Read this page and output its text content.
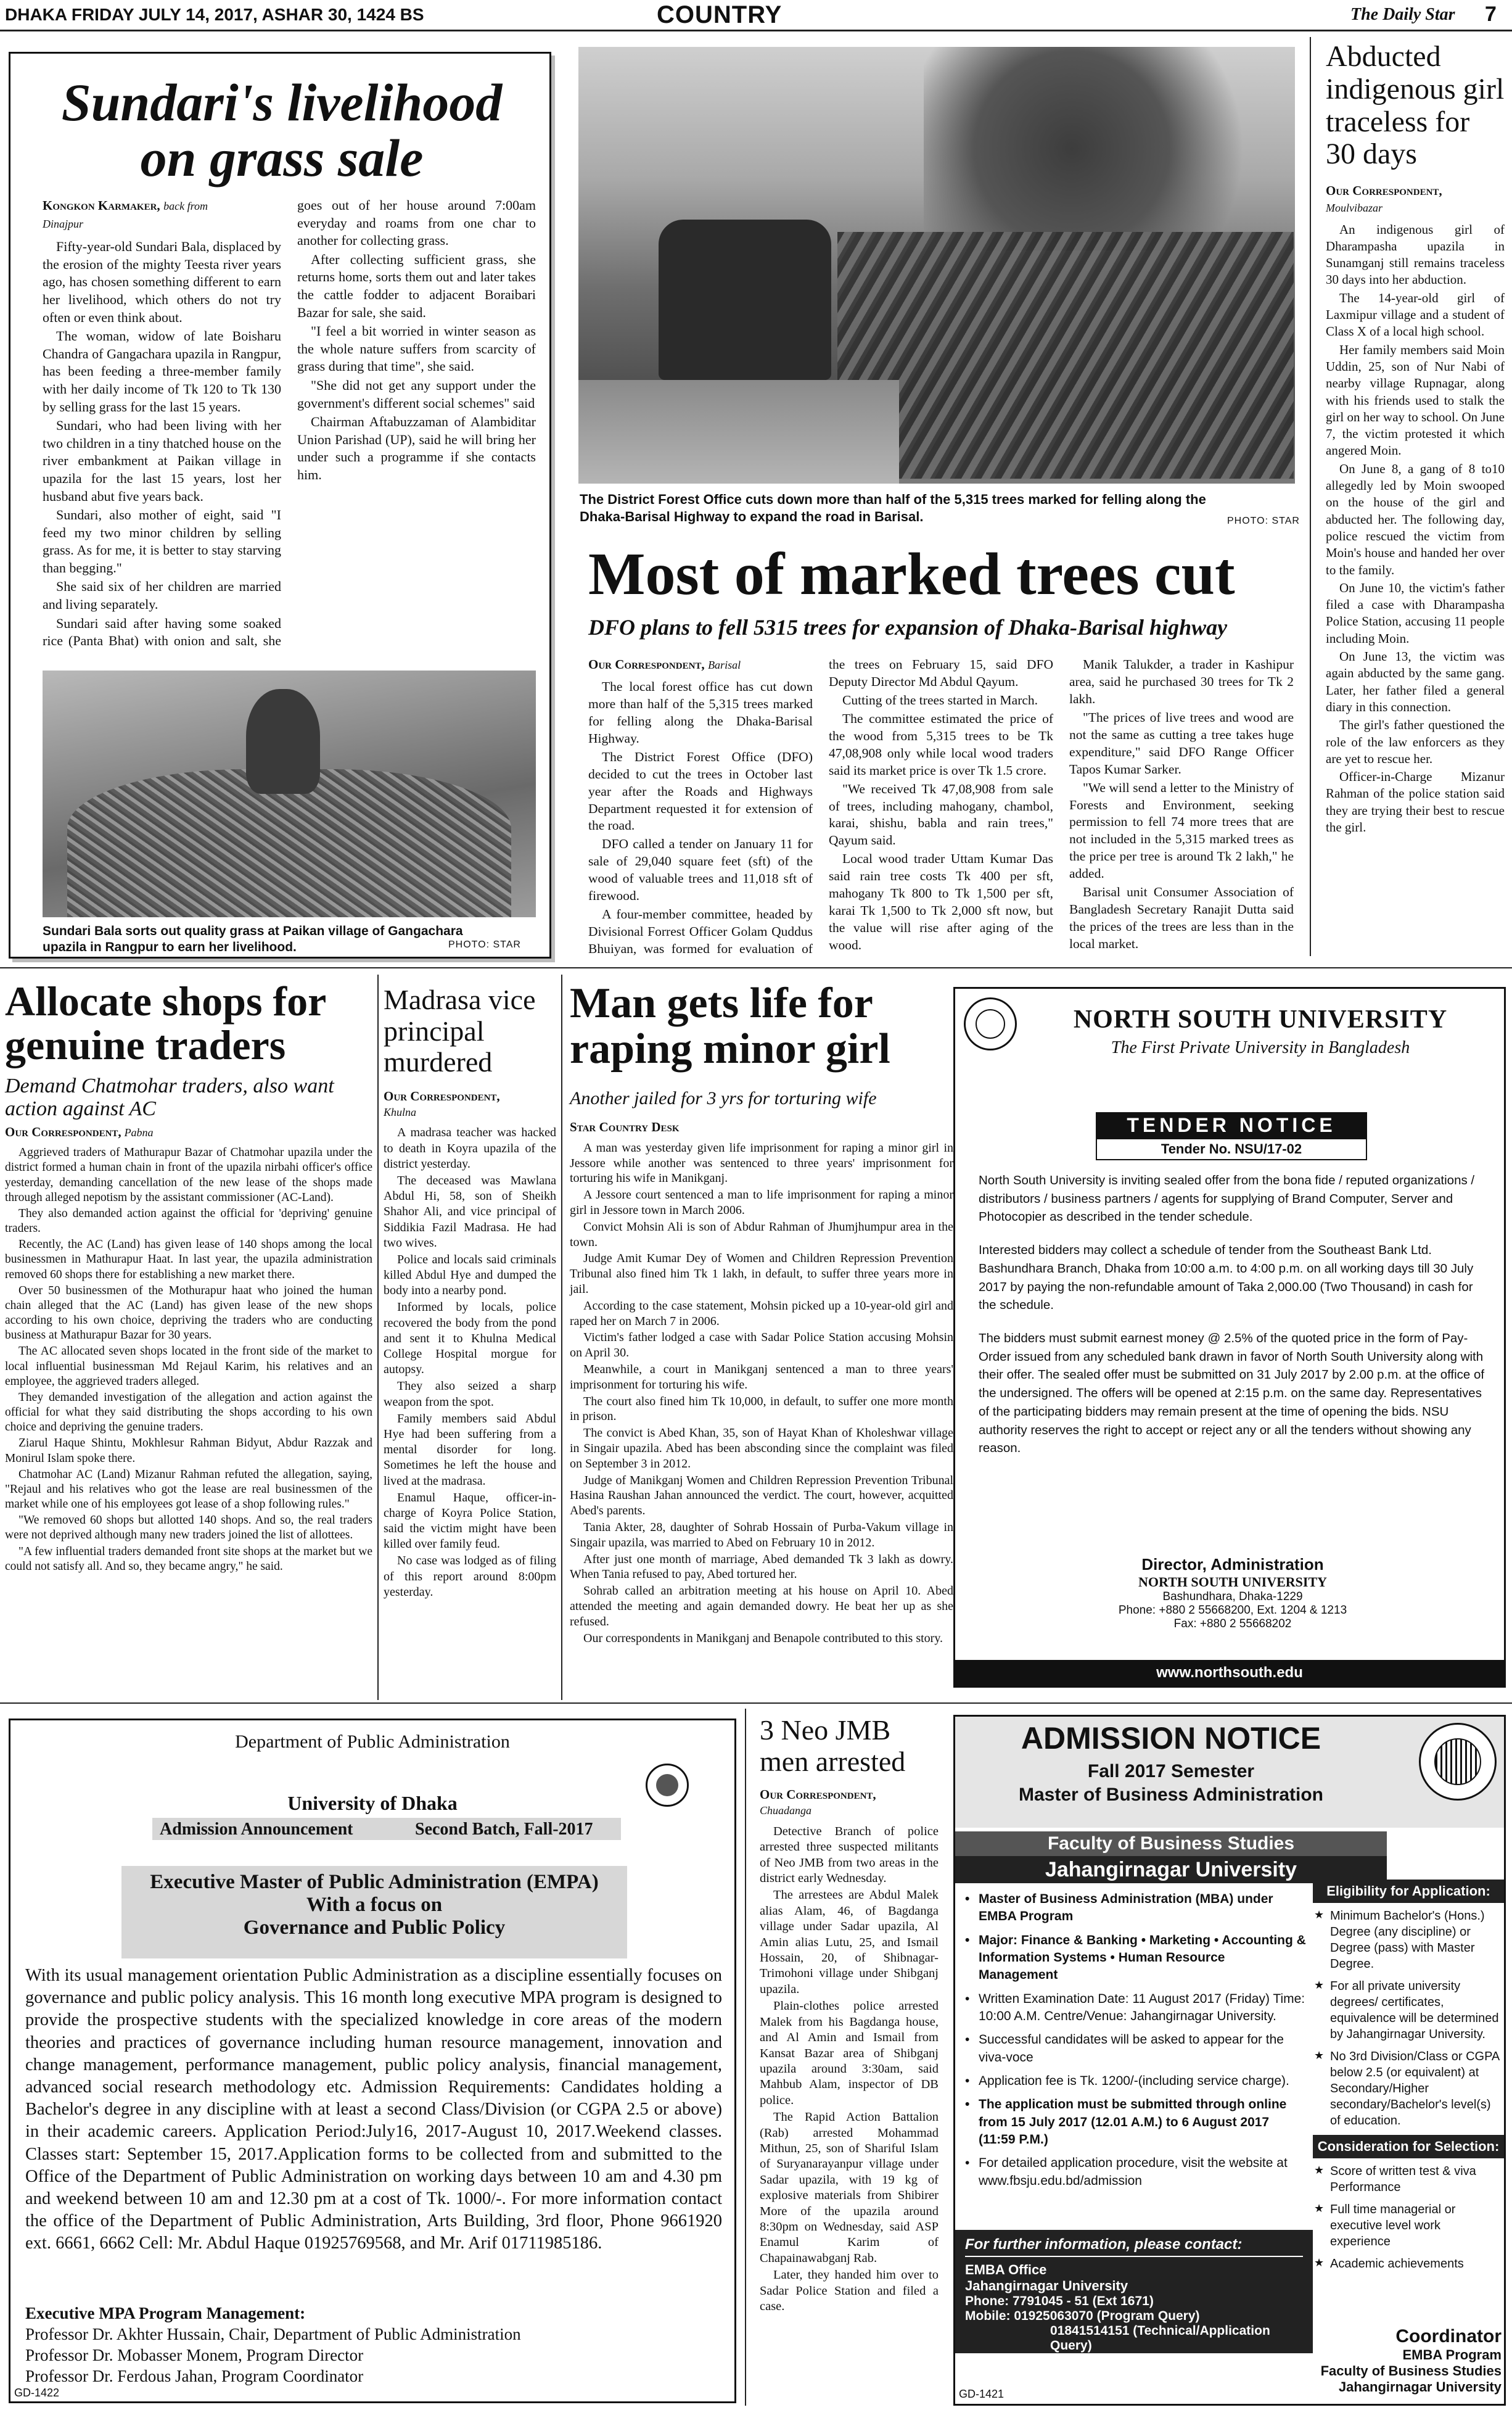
DHAKA FRIDAY JULY 14, 2017, ASHAR 30, 1424 BS	COUNTRY	The Daily Star 7
Sundari's livelihood on grass sale
Kongkon Karmaker, back from
Dinajpur

Fifty-year-old Sundari Bala, displaced by the erosion of the mighty Teesta river years ago, has chosen something different to earn her livelihood, which others do not try often or even think about.

The woman, widow of late Boisharu Chandra of Gangachara upazila in Rangpur, has been feeding a three-member family with her daily income of Tk 120 to Tk 130 by selling grass for the last 15 years.

Sundari, who had been living with her two children in a tiny thatched house on the river embankment at Paikan village in upazila for the last 15 years, lost her husband abut five years back.

Sundari, also mother of eight, said "I feed my two minor children by selling grass. As for me, it is better to stay starving than begging."

She said six of her children are married and living separately.

Sundari said after having some soaked rice (Panta Bhat) with onion and salt, she goes out of her house around 7:00am everyday and roams from one char to another for collecting grass.

After collecting sufficient grass, she returns home, sorts them out and later takes the cattle fodder to adjacent Boraibari Bazar for sale, she said.

"I feel a bit worried in winter season as the whole nature suffers from scarcity of grass during that time", she said.

"She did not get any support under the government's different social schemes" said

Chairman Aftabuzzaman of Alambiditar Union Parishad (UP), said he will bring her under such a programme if she contacts him.

Sundari Bala sorts out quality grass at Paikan village of Gangachara upazila in Rangpur to earn her livelihood.	PHOTO: STAR
The District Forest Office cuts down more than half of the 5,315 trees marked for felling along the Dhaka-Barisal Highway to expand the road in Barisal.	PHOTO: STAR
Most of marked trees cut
DFO plans to fell 5315 trees for expansion of Dhaka-Barisal highway
Our Correspondent, Barisal

The local forest office has cut down more than half of the 5,315 trees marked for felling along the Dhaka-Barisal Highway.

The District Forest Office (DFO) decided to cut the trees in October last year after the Roads and Highways Department requested it for extension of the road.

DFO called a tender on January 11 for sale of 29,040 square feet (sft) of the wood of valuable trees and 11,018 sft of firewood.

A four-member committee, headed by Divisional Forrest Officer Golam Quddus Bhuiyan, was formed for evaluation of the trees on February 15, said DFO Deputy Director Md Abdul Qayum.

Cutting of the trees started in March.

The committee estimated the price of the wood from 5,315 trees to be Tk 47,08,908 only while local wood traders said its market price is over Tk 1.5 crore.

"We received Tk 47,08,908 from sale of trees, including mahogany, chambol, karai, shishu, babla and rain trees," Qayum said.

Local wood trader Uttam Kumar Das said rain tree costs Tk 400 per sft, mahogany Tk 800 to Tk 1,500 per sft, karai Tk 1,500 to Tk 2,000 sft now, but the value will rise after aging of the wood.

Manik Talukder, a trader in Kashipur area, said he purchased 30 trees for Tk 2 lakh.

"The prices of live trees and wood are not the same as cutting a tree takes huge expenditure," said DFO Range Officer Tapos Kumar Sarker.

"We will send a letter to the Ministry of Forests and Environment, seeking permission to fell 74 more trees that are not included in the 5,315 marked trees as the price per tree is around Tk 2 lakh," he added.

Barisal unit Consumer Association of Bangladesh Secretary Ranajit Dutta said the prices of the trees are less than in the local market.

Abducted indigenous girl traceless for 30 days
Our Correspondent,
Moulvibazar

An indigenous girl of Dharampasha upazila in Sunamganj still remains traceless 30 days into her abduction.

The 14-year-old girl of Laxmipur village and a student of Class X of a local high school.

Her family members said Moin Uddin, 25, son of Nur Nabi of nearby village Rupnagar, along with his friends used to stalk the girl on her way to school. On June 7, the victim protested it which angered Moin.

On June 8, a gang of 8 to10 allegedly led by Moin swooped on the house of the girl and abducted her. The following day, police rescued the victim from Moin's house and handed her over to the family.

On June 10, the victim's father filed a case with Dharampasha Police Station, accusing 11 people including Moin.

On June 13, the victim was again abducted by the same gang. Later, her father filed a general diary in this connection.

The girl's father questioned the role of the law enforcers as they are yet to rescue her.

Officer-in-Charge Mizanur Rahman of the police station said they are trying their best to rescue the girl.

Allocate shops for genuine traders
Demand Chatmohar traders, also want action against AC
Our Correspondent, Pabna

Aggrieved traders of Mathurapur Bazar of Chatmohar upazila under the district formed a human chain in front of the upazila nirbahi officer's office yesterday, demanding cancellation of the new lease of the shops made through alleged nepotism by the assistant commissioner (AC-Land).

They also demanded action against the official for 'depriving' genuine traders.

Recently, the AC (Land) has given lease of 140 shops among the local businessmen in Mathurapur Haat. In last year, the upazila administration removed 60 shops there for establishing a new market there.

Over 50 businessmen of the Mothurapur haat who joined the human chain alleged that the AC (Land) has given lease of the new shops according to his own choice, depriving the traders who are conducting business at Mathurapur Bazar for 30 years.

The AC allocated seven shops located in the front side of the market to local influential businessman Md Rejaul Karim, his relatives and an employee, the aggrieved traders alleged.

They demanded investigation of the allegation and action against the official for what they said distributing the shops according to his own choice and depriving the genuine traders.

Ziarul Haque Shintu, Mokhlesur Rahman Bidyut, Abdur Razzak and Monirul Islam spoke there.

Chatmohar AC (Land) Mizanur Rahman refuted the allegation, saying, "Rejaul and his relatives who got the lease are real businessmen of the market while one of his employees got lease of a shop following rules."

"We removed 60 shops but allotted 140 shops. And so, the real traders were not deprived although many new traders joined the list of allottees.

"A few influential traders demanded front site shops at the market but we could not satisfy all. And so, they became angry," he said.

Madrasa vice principal murdered
Our Correspondent,
Khulna

A madrasa teacher was hacked to death in Koyra upazila of the district yesterday.

The deceased was Mawlana Abdul Hi, 58, son of Sheikh Shahor Ali, and vice principal of Siddikia Fazil Madrasa. He had two wives.

Police and locals said criminals killed Abdul Hye and dumped the body into a nearby pond.

Informed by locals, police recovered the body from the pond and sent it to Khulna Medical College Hospital morgue for autopsy.

They also seized a sharp weapon from the spot.

Family members said Abdul Hye had been suffering from a mental disorder for long. Sometimes he left the house and lived at the madrasa.

Enamul Haque, officer-in-charge of Koyra Police Station, said the victim might have been killed over family feud.

No case was lodged as of filing of this report around 8:00pm yesterday.

Man gets life for raping minor girl
Another jailed for 3 yrs for torturing wife
Star Country Desk

A man was yesterday given life imprisonment for raping a minor girl in Jessore while another was sentenced to three years' imprisonment for torturing his wife in Manikganj.

A Jessore court sentenced a man to life imprisonment for raping a minor girl in Jessore town in March 2006.

Convict Mohsin Ali is son of Abdur Rahman of Jhumjhumpur area in the town.

Judge Amit Kumar Dey of Women and Children Repression Prevention Tribunal also fined him Tk 1 lakh, in default, to suffer three years more in jail.

According to the case statement, Mohsin picked up a 10-year-old girl and raped her on March 7 in 2006.

Victim's father lodged a case with Sadar Police Station accusing Mohsin on April 30.

Meanwhile, a court in Manikganj sentenced a man to three years' imprisonment for torturing his wife.

The court also fined him Tk 10,000, in default, to suffer one more month in prison.

The convict is Abed Khan, 35, son of Hayat Khan of Kholeshwar village in Singair upazila. Abed has been absconding since the complaint was filed on September 3 in 2012.

Judge of Manikganj Women and Children Repression Prevention Tribunal Hasina Raushan Jahan announced the verdict. The court, however, acquitted Abed's parents.

Tania Akter, 28, daughter of Sohrab Hossain of Purba-Vakum village in Singair upazila, was married to Abed on February 10 in 2012.

After just one month of marriage, Abed demanded Tk 3 lakh as dowry. When Tania refused to pay, Abed tortured her.

Sohrab called an arbitration meeting at his house on April 10. Abed attended the meeting and again demanded dowry. He beat her up as she refused.

Our correspondents in Manikganj and Benapole contributed to this story.

NORTH SOUTH UNIVERSITY
The First Private University in Bangladesh
TENDER NOTICE
Tender No. NSU/17-02
North South University is inviting sealed offer from the bona fide / reputed organizations / distributors / business partners / agents for supplying of Brand Computer, Server and Photocopier as described in the tender schedule.
Interested bidders may collect a schedule of tender from the Southeast Bank Ltd. Bashundhara Branch, Dhaka from 10:00 a.m. to 4:00 p.m. on all working days till 30 July 2017 by paying the non-refundable amount of Taka 2,000.00 (Two Thousand) in cash for the schedule.
The bidders must submit earnest money @ 2.5% of the quoted price in the form of Pay-Order issued from any scheduled bank drawn in favor of North South University along with their offer. The sealed offer must be submitted on 31 July 2017 by 2.00 p.m. at the office of the undersigned. The offers will be opened at 2:15 p.m. on the same day. Representatives of the participating bidders may remain present at the time of opening the bids. NSU authority reserves the right to accept or reject any or all the tenders without showing any reason.
Director, Administration
NORTH SOUTH UNIVERSITY
Bashundhara, Dhaka-1229
Phone: +880 2 55668200, Ext. 1204 & 1213
Fax: +880 2 55668202
www.northsouth.edu
Department of Public Administration
University of Dhaka
Admission Announcement	Second Batch, Fall-2017
Executive Master of Public Administration (EMPA)
With a focus on
Governance and Public Policy
With its usual management orientation Public Administration as a discipline essentially focuses on governance and public policy analysis. This 16 month long executive MPA program is designed to provide the prospective students with the specialized knowledge in core areas of the modern theories and practices of governance including human resource management, innovation and change management, performance management, public policy analysis, financial management, advanced social research methodology etc. Admission Requirements: Candidates holding a Bachelor's degree in any discipline with at least a second Class/Division (or CGPA 2.5 or above) in their academic careers. Application Period:July16, 2017-August 10, 2017.Weekend classes. Classes start: September 15, 2017.Application forms to be collected from and submitted to the Office of the Department of Public Administration on working days between 10 am and 4.30 pm and weekend between 10 am and 12.30 pm at a cost of Tk. 1000/-. For more information contact the office of the Department of Public Administration, Arts Building, 3rd floor, Phone 9661920 ext. 6661, 6662 Cell: Mr. Abdul Haque 01925769568, and Mr. Arif 01711985186.
Executive MPA Program Management:
Professor Dr. Akhter Hussain, Chair, Department of Public Administration
Professor Dr. Mobasser Monem, Program Director
Professor Dr. Ferdous Jahan, Program Coordinator
GD-1422
3 Neo JMB men arrested
Our Correspondent,
Chuadanga

Detective Branch of police arrested three suspected militants of Neo JMB from two areas in the district early Wednesday.

The arrestees are Abdul Malek alias Alam, 46, of Bagdanga village under Sadar upazila, Al Amin alias Lutu, 25, and Ismail Hossain, 20, of Shibnagar-Trimohoni village under Shibganj upazila.

Plain-clothes police arrested Malek from his Bagdanga house, and Al Amin and Ismail from Kansat Bazar area of Shibganj upazila around 3:30am, said Mahbub Alam, inspector of DB police.

The Rapid Action Battalion (Rab) arrested Mohammad Mithun, 25, son of Shariful Islam of Suryanarayanpur village under Sadar upazila, with 19 kg of explosive materials from Shibirer More of the upazila around 8:30pm on Wednesday, said ASP Enamul Karim of Chapainawabganj Rab.

Later, they handed him over to Sadar Police Station and filed a case.

ADMISSION NOTICE
Fall 2017 Semester
Master of Business Administration
Faculty of Business Studies
Jahangirnagar University
• Master of Business Administration (MBA) under EMBA Program
• Major: Finance & Banking • Marketing • Accounting & Information Systems • Human Resource Management
• Written Examination Date: 11 August 2017 (Friday) Time: 10:00 A.M. Centre/Venue: Jahangirnagar University.
• Successful candidates will be asked to appear for the viva-voce
• Application fee is Tk. 1200/-(including service charge).
• The application must be submitted through online from 15 July 2017 (12.01 A.M.) to 6 August 2017 (11:59 P.M.)
• For detailed application procedure, visit the website at www.fbsju.edu.bd/admission
Eligibility for Application:
★ Minimum Bachelor's (Hons.) Degree (any discipline) or Degree (pass) with Master Degree.
★ For all private university degrees/ certificates, equivalence will be determined by Jahangirnagar University.
★ No 3rd Division/Class or CGPA below 2.5 (or equivalent) at Secondary/Higher secondary/Bachelor's level(s) of education.
Consideration for Selection:
★ Score of written test & viva Performance
★ Full time managerial or executive level work experience
★ Academic achievements
For further information, please contact:
EMBA Office
Jahangirnagar University
Phone: 7791045 - 51 (Ext 1671)
Mobile: 01925063070 (Program Query)
01841514151 (Technical/Application Query)	Coordinator
EMBA Program
Faculty of Business Studies
Jahangirnagar University
GD-1421
